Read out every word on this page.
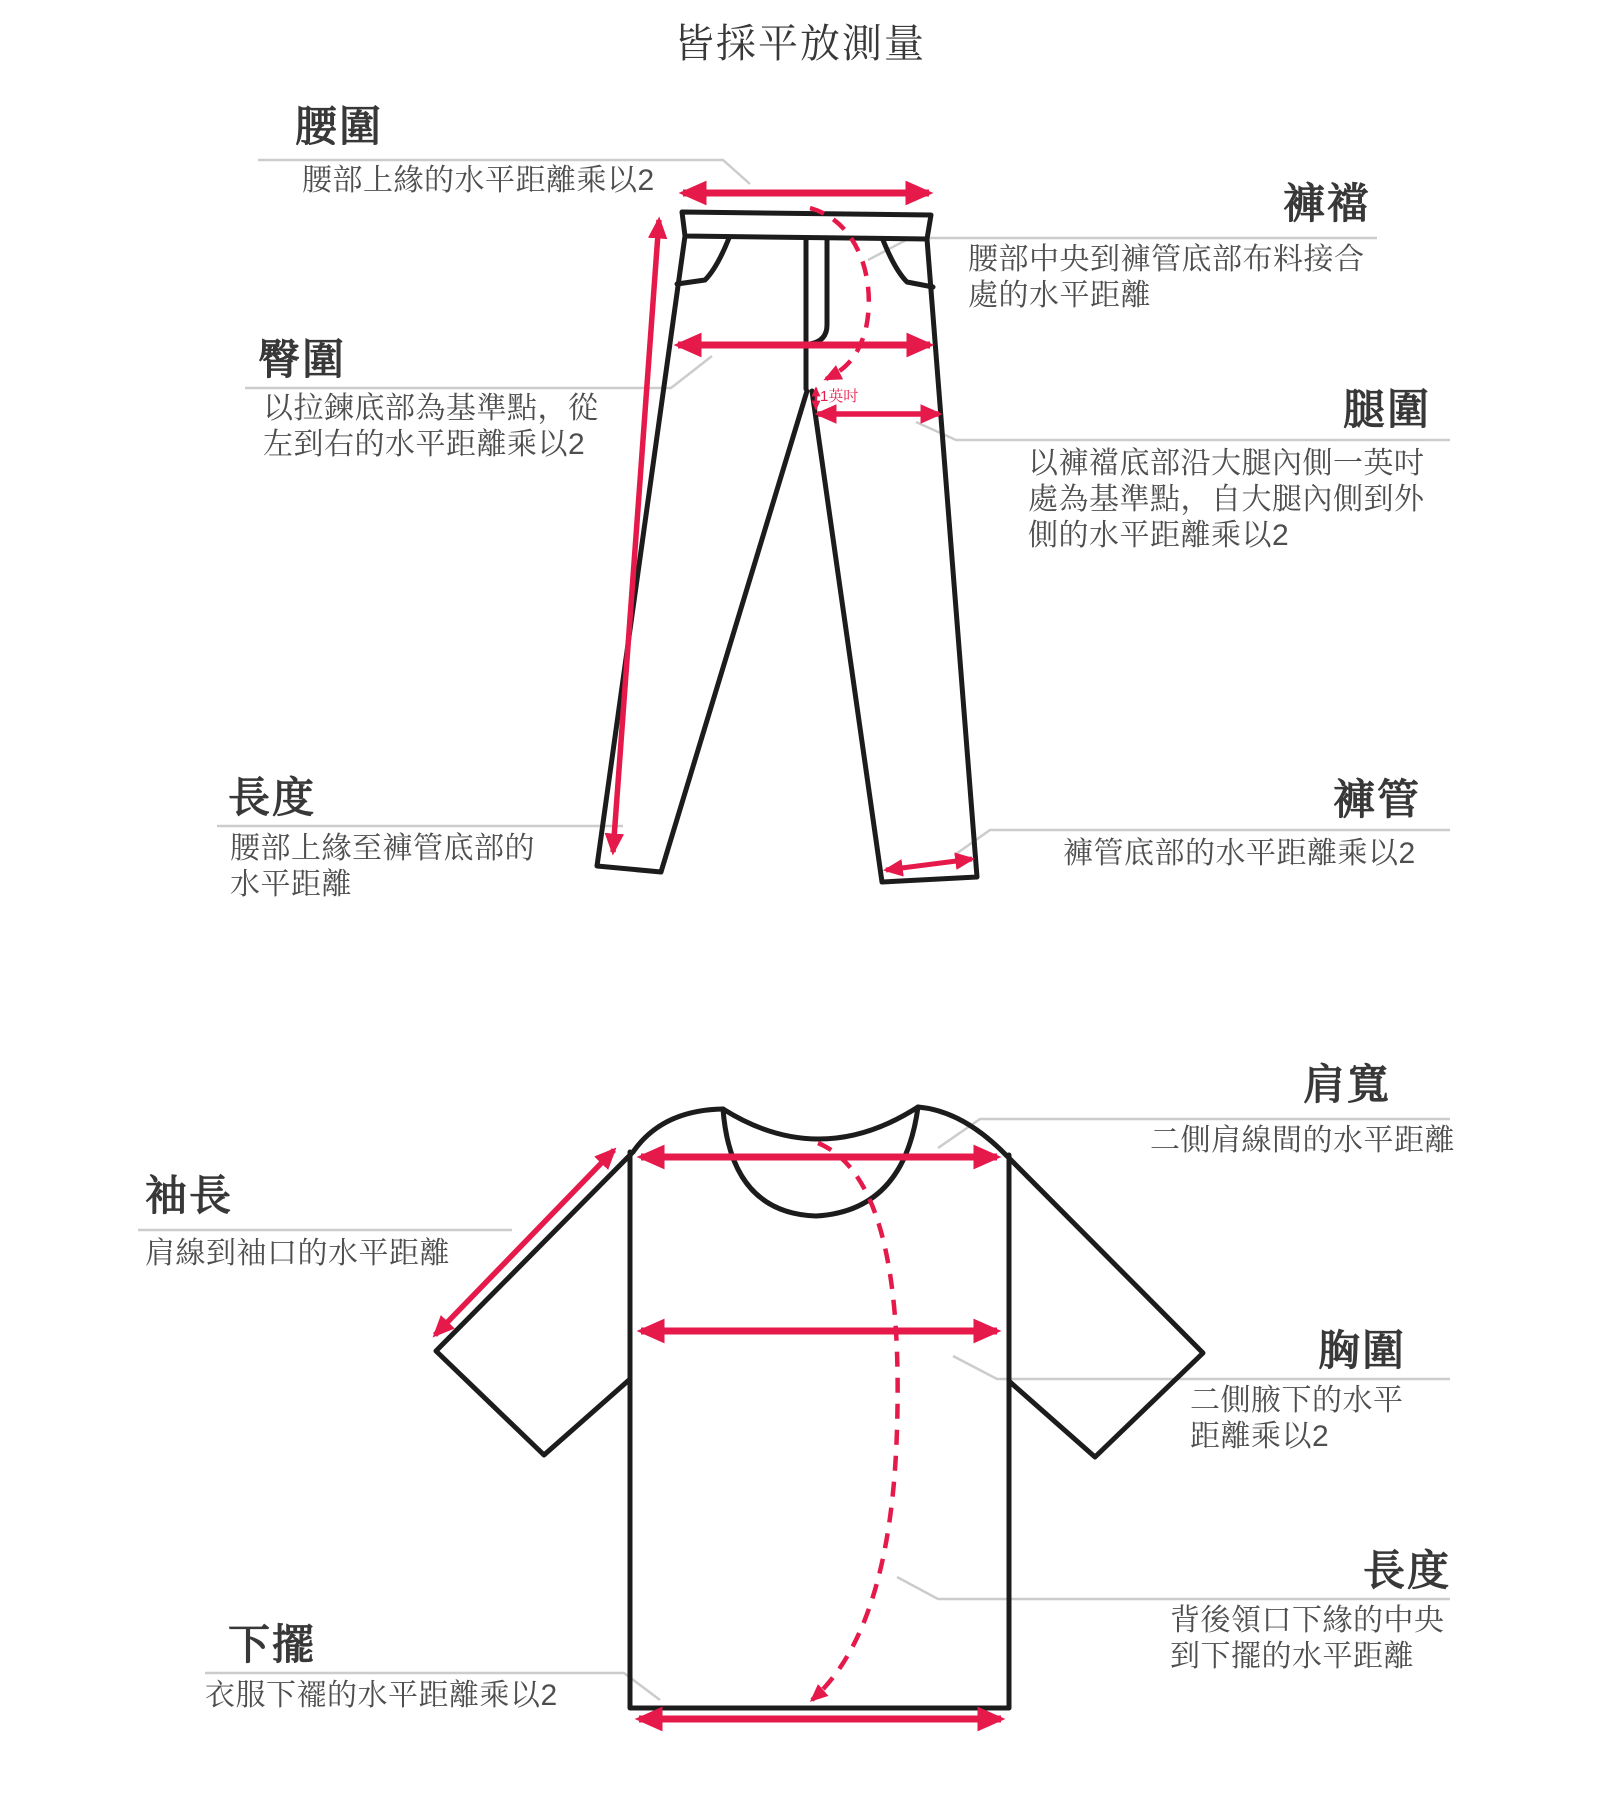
皆採平放測量
1英吋
腰圍
腰部上緣的水平距離乘以2	褲襠
腰部中央到褲管底部布料接合
處的水平距離
臀圍
以拉鍊底部為基準點，從
左到右的水平距離乘以2
腿圍
以褲襠底部沿大腿內側一英吋
處為基準點，自大腿內側到外
側的水平距離乘以2
長度
腰部上緣至褲管底部的
水平距離
褲管
褲管底部的水平距離乘以2
肩寬
二側肩線間的水平距離
袖長
肩線到袖口的水平距離
胸圍
二側腋下的水平
距離乘以2
長度
背後領口下緣的中央
到下擺的水平距離
下擺
衣服下襬的水平距離乘以2
